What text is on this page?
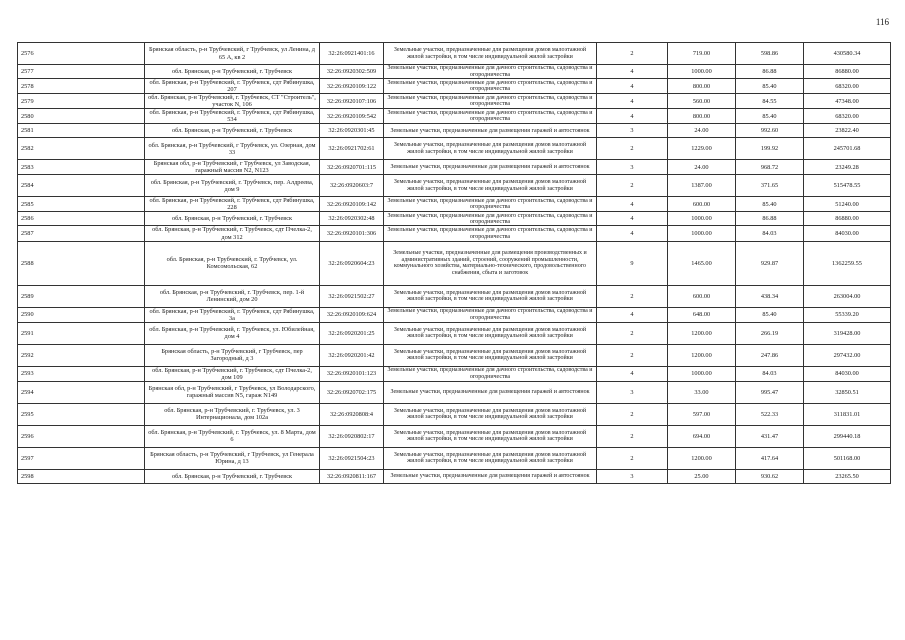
116
2576	Брянская область, р-н Трубчевский, г Трубчевск, ул Ленина, д 65 А, кв 2	32:26:0921401:16	Земельные участки, предназначенные для размещения домов малоэтажной жилой застройки, в том числе индивидуальной жилой застройки	2	719.00	598.86	430580.34
2577	обл. Брянская, р-н Трубчевский, г. Трубчевск	32:26:0920302:509	Земельные участки, предназначенные для дачного строительства, садоводства и огородничества	4	1000.00	86.88	86880.00
2578	обл. Брянская, р-н Трубчевский, г. Трубчевск, сдт Рябинушка, 207	32:26:0920109:122	Земельные участки, предназначенные для дачного строительства, садоводства и огородничества	4	800.00	85.40	68320.00
2579	обл. Брянская, р-н Трубчевский, г. Трубчевск, СТ "Строитель", участок N, 106	32:26:0920107:106	Земельные участки, предназначенные для дачного строительства, садоводства и огородничества	4	560.00	84.55	47348.00
2580	обл. Брянская, р-н Трубчевский, г. Трубчевск, сдт Рябинушка, 534	32:26:0920109:542	Земельные участки, предназначенные для дачного строительства, садоводства и огородничества	4	800.00	85.40	68320.00
2581	обл. Брянская, р-н Трубчевский, г. Трубчевск	32:26:0920301:45	Земельные участки, предназначенные для размещения гаражей и автостоянок	3	24.00	992.60	23822.40
2582	обл. Брянская, р-н Трубчевский, г Трубчевск, ул. Озерная, дом 33	32:26:0921702:61	Земельные участки, предназначенные для размещения домов малоэтажной жилой застройки, в том числе индивидуальной жилой застройки	2	1229.00	199.92	245701.68
2583	Брянская обл, р-н Трубчевский, г Трубчевск, ул Заводская, гаражный массив N2, N123	32:26:0920701:115	Земельные участки, предназначенные для размещения гаражей и автостоянок	3	24.00	968.72	23249.28
2584	обл. Брянская, р-н Трубчевский, г. Трубчевск, пер. Алдреева, дом 9	32:26:0920603:7	Земельные участки, предназначенные для размещения домов малоэтажной жилой застройки, в том числе индивидуальной жилой застройки	2	1387.00	371.65	515478.55
2585	обл. Брянская, р-н Трубчевский, г. Трубчевск, сдт Рябинушка, 228	32:26:0920109:142	Земельные участки, предназначенные для дачного строительства, садоводства и огородничества	4	600.00	85.40	51240.00
2586	обл. Брянская, р-н Трубчевский, г. Трубчевск	32:26:0920302:48	Земельные участки, предназначенные для дачного строительства, садоводства и огородничества	4	1000.00	86.88	86880.00
2587	обл. Брянская, р-н Трубчевский, г. Трубчевск, сдт Пчелка-2, дом 312	32:26:0920101:306	Земельные участки, предназначенные для дачного строительства, садоводства и огородничества	4	1000.00	84.03	84030.00
2588	обл. Брянская, р-н Трубчевский, г. Трубчевск, ул. Комсомольская, 62	32:26:0920604:23	Земельные участки, предназначенные для размещения производственных и административных зданий, строений, сооружений промышленности, коммунального хозяйства, материально-технического, продовольственного снабжения, сбыта и заготовок	9	1465.00	929.87	1362259.55
2589	обл. Брянская, р-н Трубчевский, г. Трубчевск, пер. 1-й Ленинский, дом 20	32:26:0921502:27	Земельные участки, предназначенные для размещения домов малоэтажной жилой застройки, в том числе индивидуальной жилой застройки	2	600.00	438.34	263004.00
2590	обл. Брянская, р-н Трубчевский, г. Трубчевск, сдт Рябинушка, 3а	32:26:0920109:624	Земельные участки, предназначенные для дачного строительства, садоводства и огородничества	4	648.00	85.40	55339.20
2591	обл. Брянская, р-н Трубчевский, г. Трубчевск, ул. Юбилейная, дом 4	32:26:0920201:25	Земельные участки, предназначенные для размещения домов малоэтажной жилой застройки, в том числе индивидуальной жилой застройки	2	1200.00	266.19	319428.00
2592	Брянская область, р-н Трубчевский, г Трубчевск, пер Загородный, д 3	32:26:0920201:42	Земельные участки, предназначенные для размещения домов малоэтажной жилой застройки, в том числе индивидуальной жилой застройки	2	1200.00	247.86	297432.00
2593	обл. Брянская, р-н Трубчевский, г. Трубчевск, сдт Пчелка-2, дом 109	32:26:0920101:123	Земельные участки, предназначенные для дачного строительства, садоводства и огородничества	4	1000.00	84.03	84030.00
2594	Брянская обл, р-н Трубчевский, г Трубчевск, ул Володарского, гаражный массив N5, гараж N149	32:26:0920702:175	Земельные участки, предназначенные для размещения гаражей и автостоянок	3	33.00	995.47	32850.51
2595	обл. Брянская, р-н Трубчевский, г. Трубчевск, ул. 3 Интернационала, дом 102а	32:26:0920808:4	Земельные участки, предназначенные для размещения домов малоэтажной жилой застройки, в том числе индивидуальной жилой застройки	2	597.00	522.33	311831.01
2596	обл. Брянская, р-н Трубчевский, г. Трубчевск, ул. 8 Марта, дом 6	32:26:0920802:17	Земельные участки, предназначенные для размещения домов малоэтажной жилой застройки, в том числе индивидуальной жилой застройки	2	694.00	431.47	299440.18
2597	Брянская область, р-н Трубчевский, г Трубчевск, ул Генерала Юрина, д 13	32:26:0921504:23	Земельные участки, предназначенные для размещения домов малоэтажной жилой застройки, в том числе индивидуальной жилой застройки	2	1200.00	417.64	501168.00
2598	обл. Брянская, р-н Трубчевский, г. Трубчевск	32:26:0920811:167	Земельные участки, предназначенные для размещения гаражей и автостоянок	3	25.00	930.62	23265.50
